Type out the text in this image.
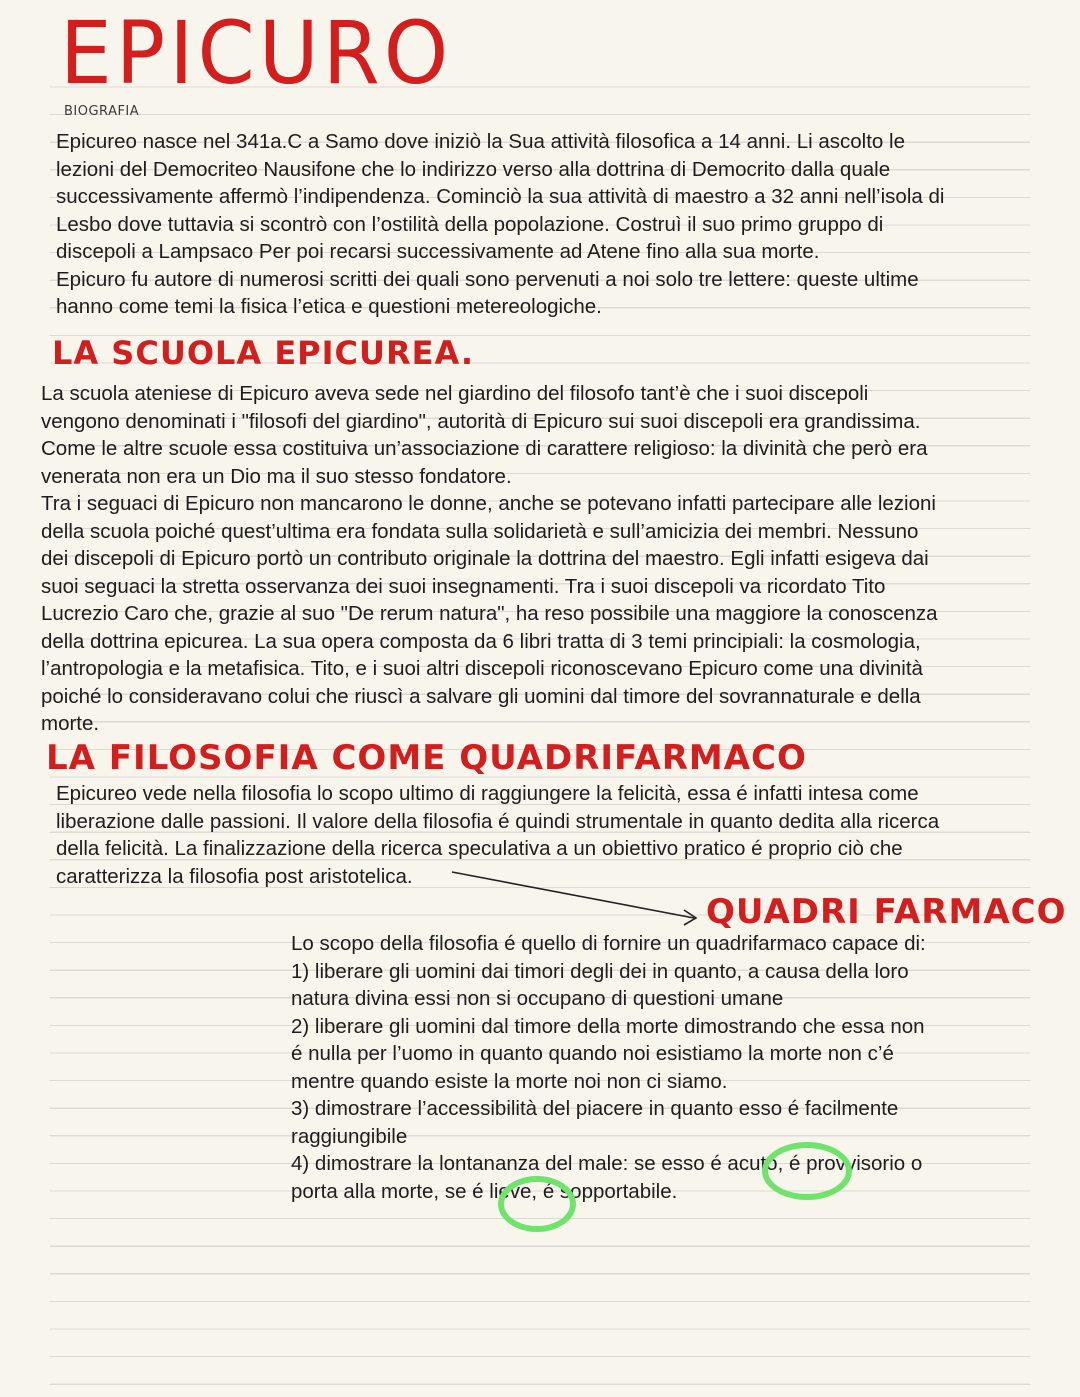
EPICURO

BIOGRAFIA

Epicureo nasce nel 341a.C a Samo dove iniziò la Sua attività filosofica a 14 anni. Li ascolto le
lezioni del Democriteo Nausifone che lo indirizzo verso alla dottrina di Democrito dalla quale
successivamente affermò l’indipendenza. Cominciò la sua attività di maestro a 32 anni nell’isola di
Lesbo dove tuttavia si scontrò con l’ostilità della popolazione. Costruì il suo primo gruppo di
discepoli a Lampsaco Per poi recarsi successivamente ad Atene fino alla sua morte.
Epicuro fu autore di numerosi scritti dei quali sono pervenuti a noi solo tre lettere: queste ultime
hanno come temi la fisica l’etica e questioni metereologiche.
LA SCUOLA EPICUREA.
La scuola ateniese di Epicuro aveva sede nel giardino del filosofo tant’è che i suoi discepoli
vengono denominati i "filosofi del giardino", autorità di Epicuro sui suoi discepoli era grandissima.
Come le altre scuole essa costituiva un’associazione di carattere religioso: la divinità che però era
venerata non era un Dio ma il suo stesso fondatore.
Tra i seguaci di Epicuro non mancarono le donne, anche se potevano infatti partecipare alle lezioni
della scuola poiché quest’ultima era fondata sulla solidarietà e sull’amicizia dei membri. Nessuno
dei discepoli di Epicuro portò un contributo originale la dottrina del maestro. Egli infatti esigeva dai
suoi seguaci la stretta osservanza dei suoi insegnamenti. Tra i suoi discepoli va ricordato Tito
Lucrezio Caro che, grazie al suo "De rerum natura", ha reso possibile una maggiore la conoscenza
della dottrina epicurea. La sua opera composta da 6 libri tratta di 3 temi principiali: la cosmologia,
l’antropologia e la metafisica. Tito, e i suoi altri discepoli riconoscevano Epicuro come una divinità
poiché lo consideravano colui che riuscì a salvare gli uomini dal timore del sovrannaturale e della
morte.
LA FILOSOFIA COME QUADRIFARMACO
Epicureo vede nella filosofia lo scopo ultimo di raggiungere la felicità, essa é infatti intesa come
liberazione dalle passioni. Il valore della filosofia é quindi strumentale in quanto dedita alla ricerca
della felicità. La finalizzazione della ricerca speculativa a un obiettivo pratico é proprio ciò che
caratterizza la filosofia post aristotelica.
QUADRI FARMACO
Lo scopo della filosofia é quello di fornire un quadrifarmaco capace di:
1) liberare gli uomini dai timori degli dei in quanto, a causa della loro
natura divina essi non si occupano di questioni umane
2) liberare gli uomini dal timore della morte dimostrando che essa non
é nulla per l’uomo in quanto quando noi esistiamo la morte non c’é
mentre quando esiste la morte noi non ci siamo.
3) dimostrare l’accessibilità del piacere in quanto esso é facilmente
raggiungibile
4) dimostrare la lontananza del male: se esso é acuto, é provvisorio o
porta alla morte, se é lieve, é sopportabile.
